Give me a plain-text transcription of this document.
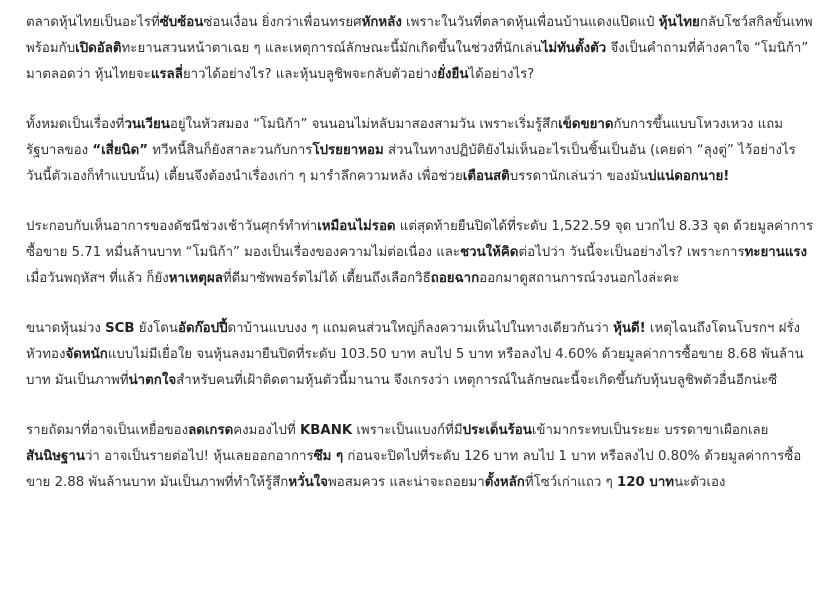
ตลาดหุ้นไทยเป็นอะไรที่ซับซ้อนซ่อนเงื่อน ยิ่งกว่าเพื่อนทรยศหักหลัง เพราะในวันที่ตลาดหุ้นเพื่อนบ้านแดงแป๊ดแป๋ หุ้นไทยกลับโชว์สกิลขั้นเทพ พร้อมกับเปิดอัลติทะยานสวนหน้าตาเฉย ๆ และเหตุการณ์ลักษณะนี้มักเกิดขึ้นในช่วงที่นักเล่นไม่ทันตั้งตัว จึงเป็นคำถามที่ค้างคาใจ “โมนิก้า” มาตลอดว่า หุ้นไทยจะแรลลี่ยาวได้อย่างไร? และหุ้นบลูชิพจะกลับตัวอย่างยั่งยืนได้อย่างไร?

ทั้งหมดเป็นเรื่องที่วนเวียนอยู่ในหัวสมอง “โมนิก้า” จนนอนไม่หลับมาสองสามวัน เพราะเริ่มรู้สึกเข็ดขยาดกับการขึ้นแบบโหวงเหวง แถมรัฐบาลของ “เสี่ยนิด” ทวีหนี้สินก็ยังสาละวนกับการโปรยยาหอม ส่วนในทางปฏิบัติยังไม่เห็นอะไรเป็นชิ้นเป็นอัน (เคยด่า “ลุงตู่” ไว้อย่างไร วันนี้ตัวเองก็ทำแบบนั้น) เตี้ยนจึงต้องนำเรื่องเก่า ๆ มารำลึกความหลัง เพื่อช่วยเตือนสติบรรดานักเล่นว่า ของมันบ่แน่ดอกนาย!

ประกอบกับเห็นอาการของดัชนีช่วงเช้าวันศุกร์ทำท่าเหมือนไม่รอด แต่สุดท้ายยืนปิดได้ที่ระดับ 1,522.59 จุด บวกไป 8.33 จุด ด้วยมูลค่าการซื้อขาย 5.71 หมื่นล้านบาท “โมนิก้า” มองเป็นเรื่องของความไม่ต่อเนื่อง และชวนให้คิดต่อไปว่า วันนี้จะเป็นอย่างไร? เพราะการทะยานแรงเมื่อวันพฤหัสฯ ที่แล้ว ก็ยังหาเหตุผลที่ดีมาซัพพอร์ตไม่ได้ เตี้ยนถึงเลือกวิธีถอยฉากออกมาดูสถานการณ์วงนอกไงล่ะคะ

ขนาดหุ้นม่วง SCB ยังโดนอัดก๊อปปี้ดาบ้านแบบงง ๆ แถมคนส่วนใหญ่ก็ลงความเห็นไปในทางเดียวกันว่า หุ้นดี! เหตุไฉนถึงโดนโบรกฯ ฝรั่งหัวทองจัดหนักแบบไม่มีเยื่อใย จนหุ้นลงมายืนปิดที่ระดับ 103.50 บาท ลบไป 5 บาท หรือลงไป 4.60% ด้วยมูลค่าการซื้อขาย 8.68 พันล้านบาท มันเป็นภาพที่น่าตกใจสำหรับคนที่เฝ้าติดตามหุ้นตัวนี้มานาน จึงเกรงว่า เหตุการณ์ในลักษณะนี้จะเกิดขึ้นกับหุ้นบลูชิพตัวอื่นอีกน่ะซี

รายถัดมาที่อาจเป็นเหยื่อของลดเกรดคงมองไปที่ KBANK เพราะเป็นแบงก์ที่มีประเด็นร้อนเข้ามากระทบเป็นระยะ บรรดาขาเผือกเลยสันนิษฐานว่า อาจเป็นรายต่อไป! หุ้นเลยออกอาการซึม ๆ ก่อนจะปิดไปที่ระดับ 126 บาท ลบไป 1 บาท หรือลงไป 0.80% ด้วยมูลค่าการซื้อขาย 2.88 พันล้านบาท มันเป็นภาพที่ทำให้รู้สึกหวั่นใจพอสมควร และน่าจะถอยมาตั้งหลักที่โซว์เก่าแถว ๆ 120 บาทนะตัวเอง
